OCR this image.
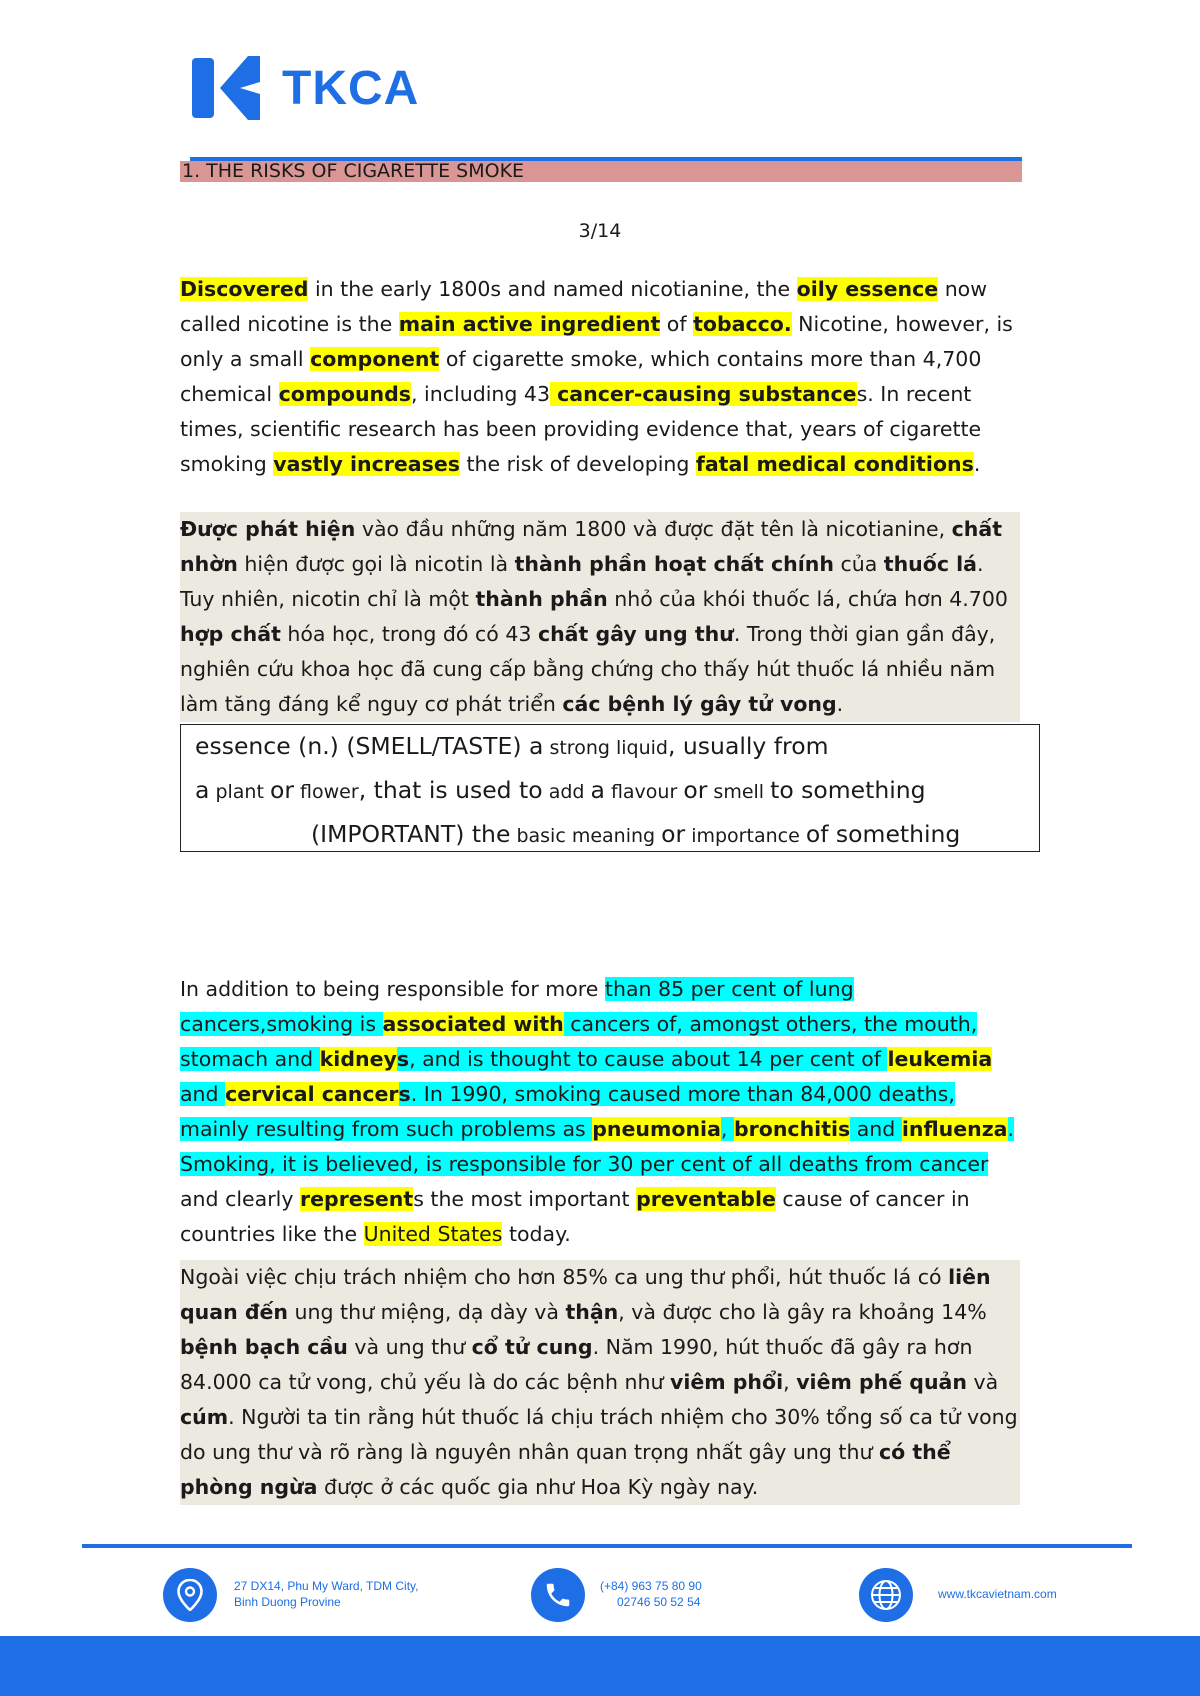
TKCA
1. THE RISKS OF CIGARETTE SMOKE
3/14

Discovered in the early 1800s and named nicotianine, the oily essence now called nicotine is the main active ingredient of tobacco. Nicotine, however, is only a small component of cigarette smoke, which contains more than 4,700 chemical compounds, including 43 cancer-causing substances. In recent times, scientific research has been providing evidence that, years of cigarette smoking vastly increases the risk of developing fatal medical conditions.

Được phát hiện vào đầu những năm 1800 và được đặt tên là nicotianine, chất nhờn hiện được gọi là nicotin là thành phần hoạt chất chính của thuốc lá. Tuy nhiên, nicotin chỉ là một thành phần nhỏ của khói thuốc lá, chứa hơn 4.700 hợp chất hóa học, trong đó có 43 chất gây ung thư. Trong thời gian gần đây, nghiên cứu khoa học đã cung cấp bằng chứng cho thấy hút thuốc lá nhiều năm làm tăng đáng kể nguy cơ phát triển các bệnh lý gây tử vong.

essence (n.) (SMELL/TASTE) a strong liquid, usually from
a plant or flower, that is used to add a flavour or smell to something
(IMPORTANT) the basic meaning or importance of something

In addition to being responsible for more than 85 per cent of lung cancers,smoking is associated with cancers of, amongst others, the mouth, stomach and kidneys, and is thought to cause about 14 per cent of leukemia and cervical cancers. In 1990, smoking caused more than 84,000 deaths, mainly resulting from such problems as pneumonia, bronchitis and influenza. Smoking, it is believed, is responsible for 30 per cent of all deaths from cancer and clearly represents the most important preventable cause of cancer in countries like the United States today.

Ngoài việc chịu trách nhiệm cho hơn 85% ca ung thư phổi, hút thuốc lá có liên quan đến ung thư miệng, dạ dày và thận, và được cho là gây ra khoảng 14% bệnh bạch cầu và ung thư cổ tử cung. Năm 1990, hút thuốc đã gây ra hơn 84.000 ca tử vong, chủ yếu là do các bệnh như viêm phổi, viêm phế quản và cúm. Người ta tin rằng hút thuốc lá chịu trách nhiệm cho 30% tổng số ca tử vong do ung thư và rõ ràng là nguyên nhân quan trọng nhất gây ung thư có thể phòng ngừa được ở các quốc gia như Hoa Kỳ ngày nay.

27 DX14, Phu My Ward, TDM City,
Binh Duong Provine
(+84) 963 75 80 90
02746 50 52 54
www.tkcavietnam.com
